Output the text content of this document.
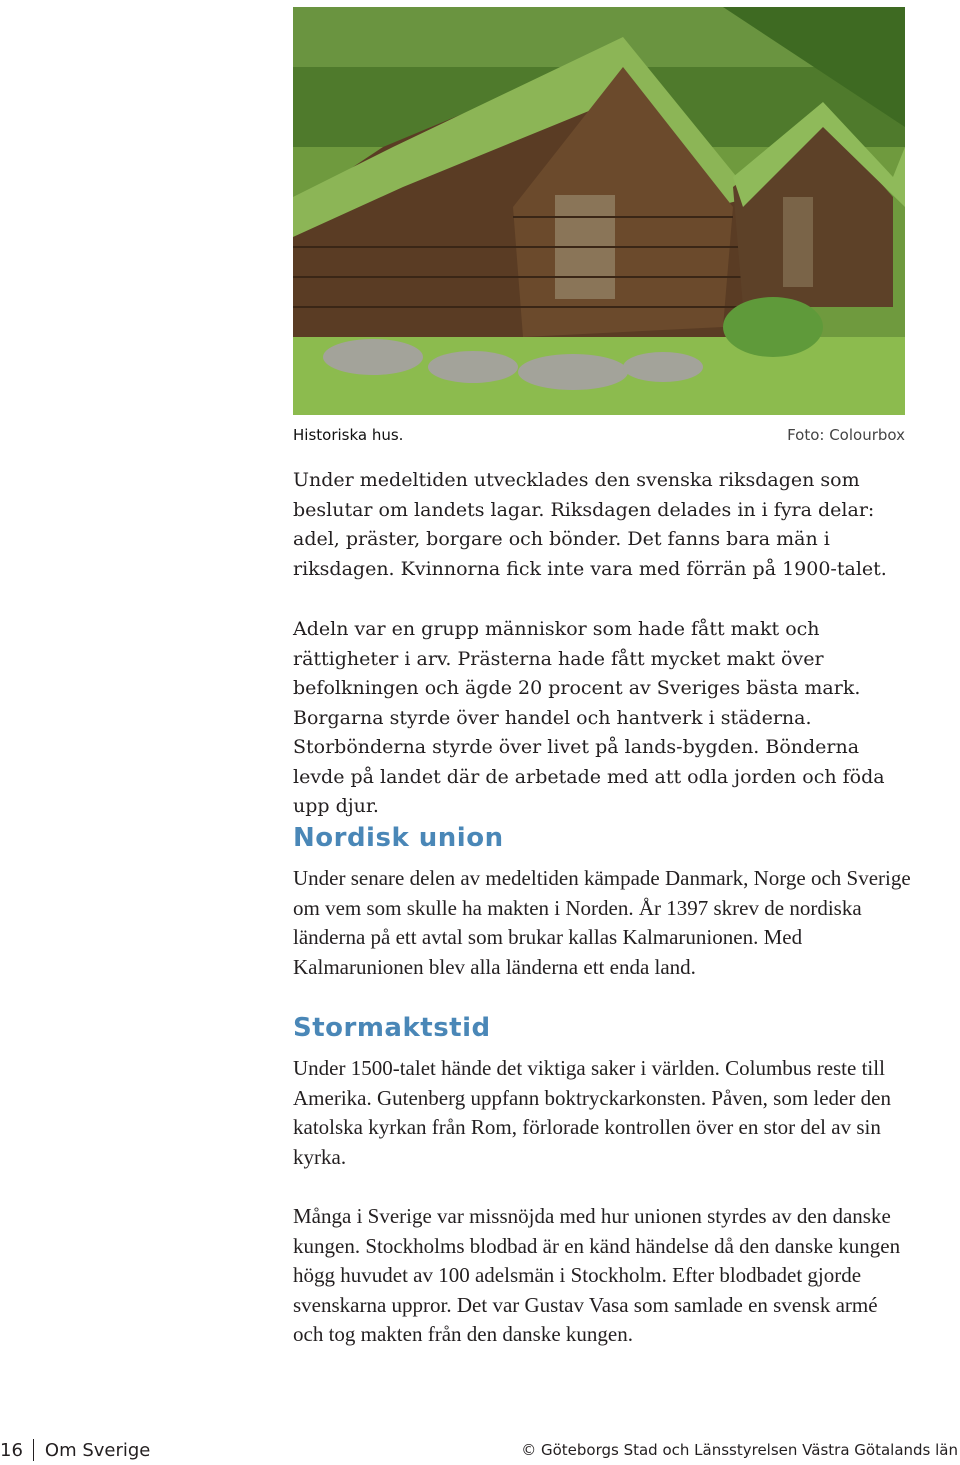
Historiska hus.	Foto: Colourbox

Under medeltiden utvecklades den svenska riksdagen som beslutar om landets lagar. Riksdagen delades in i fyra delar: adel, präster, borgare och bönder. Det fanns bara män i riksdagen. Kvinnorna fick inte vara med förrän på 1900-talet.

Adeln var en grupp människor som hade fått makt och rättigheter i arv. Prästerna hade fått mycket makt över befolkningen och ägde 20 procent av Sveriges bästa mark. Borgarna styrde över handel och hantverk i städerna. Storbönderna styrde över livet på lands-bygden. Bönderna levde på landet där de arbetade med att odla jorden och föda upp djur.

Nordisk union

Under senare delen av medeltiden kämpade Danmark, Norge och Sverige om vem som skulle ha makten i Norden. År 1397 skrev de nordiska länderna på ett avtal som brukar kallas Kalmarunionen. Med Kalmarunionen blev alla länderna ett enda land.

Stormaktstid

Under 1500-talet hände det viktiga saker i världen. Columbus reste till Amerika. Gutenberg uppfann boktryckarkonsten. Påven, som leder den katolska kyrkan från Rom, förlorade kontrollen över en stor del av sin kyrka.

Många i Sverige var missnöjda med hur unionen styrdes av den danske kungen. Stockholms blodbad är en känd händelse då den danske kungen högg huvudet av 100 adelsmän i Stockholm. Efter blodbadet gjorde svenskarna uppror. Det var Gustav Vasa som samlade en svensk armé och tog makten från den danske kungen.

16	Om Sverige	© Göteborgs Stad och Länsstyrelsen Västra Götalands län
